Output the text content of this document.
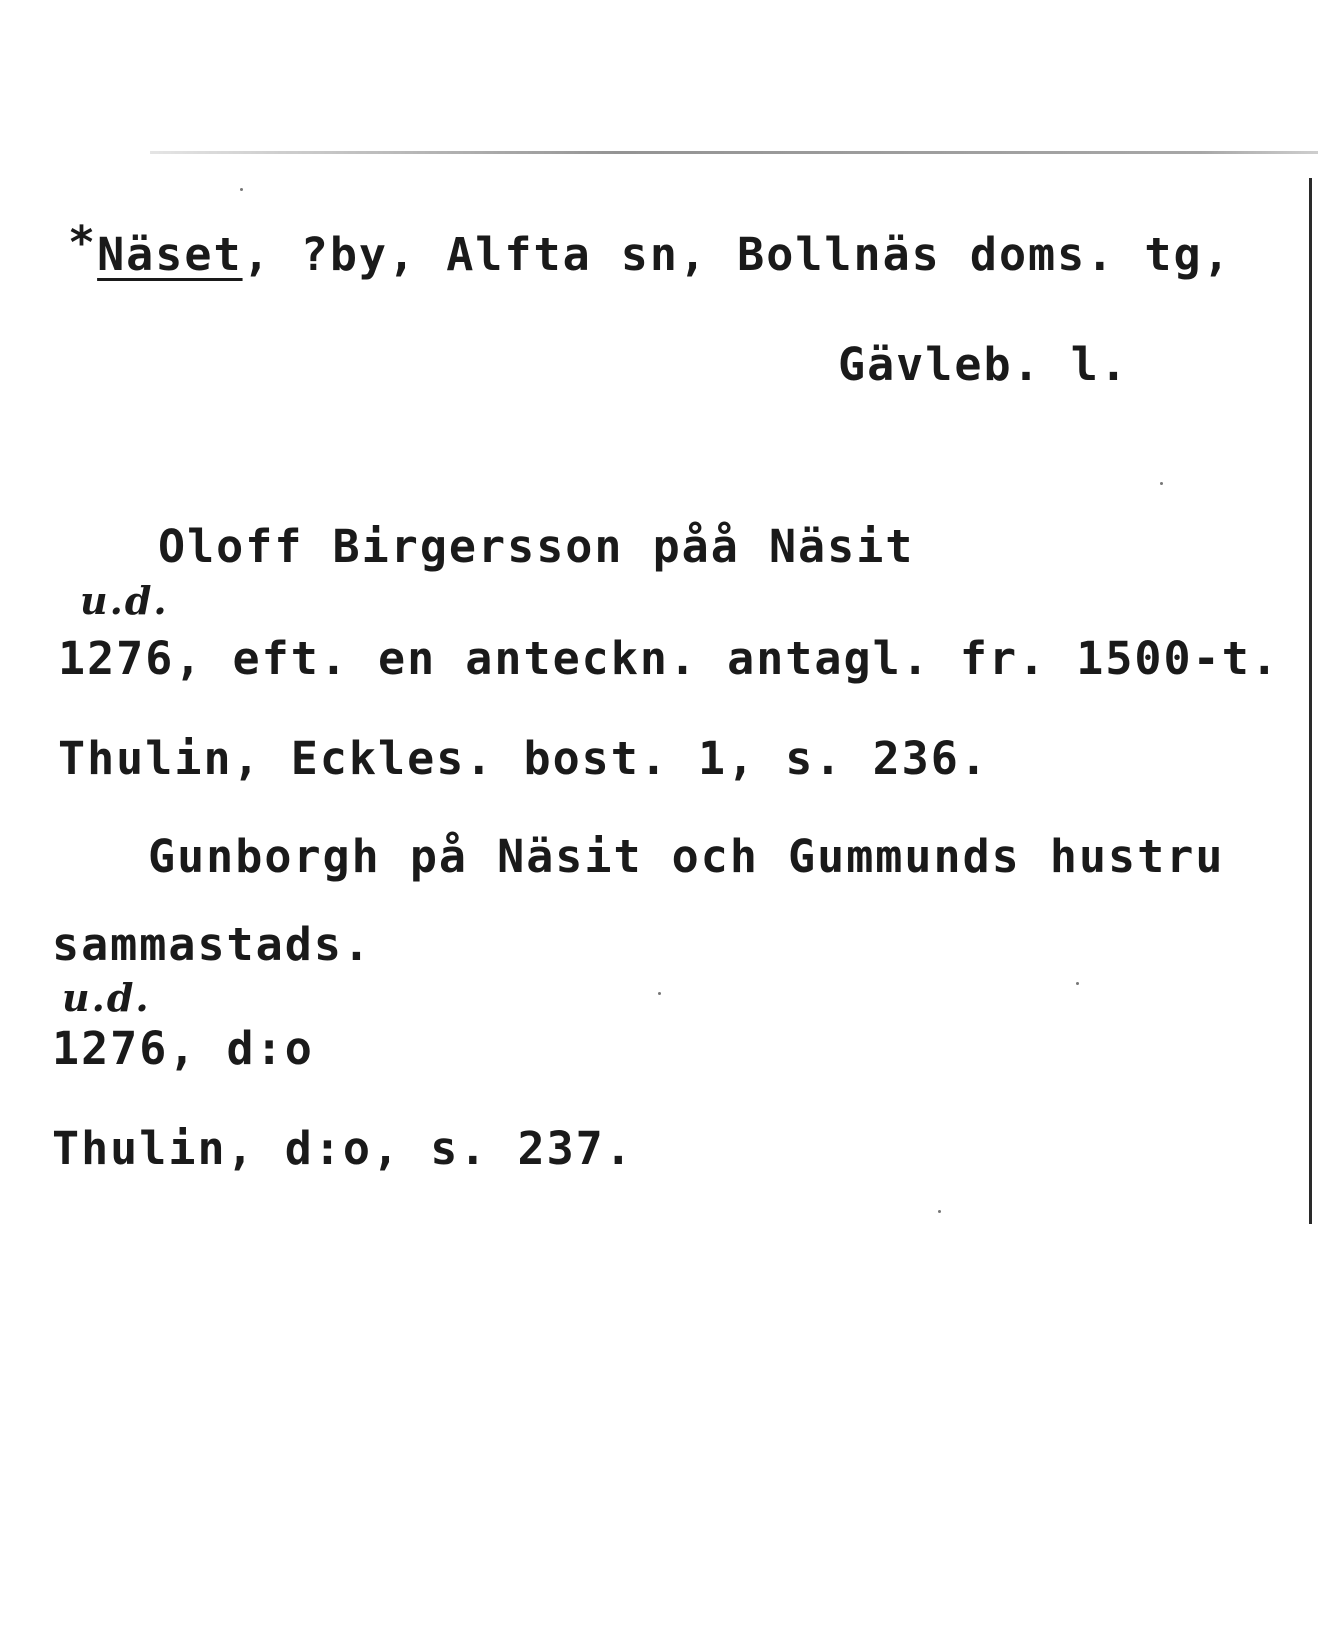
*Näset, ?by, Alfta sn, Bollnäs doms. tg,
Gävleb. l.
Oloff Birgersson påå Näsit
u.d.
1276, eft. en anteckn. antagl. fr. 1500-t.
Thulin, Eckles. bost. 1, s. 236.
Gunborgh på Näsit och Gummunds hustru
sammastads.
u.d.
1276, d:o
Thulin, d:o, s. 237.
